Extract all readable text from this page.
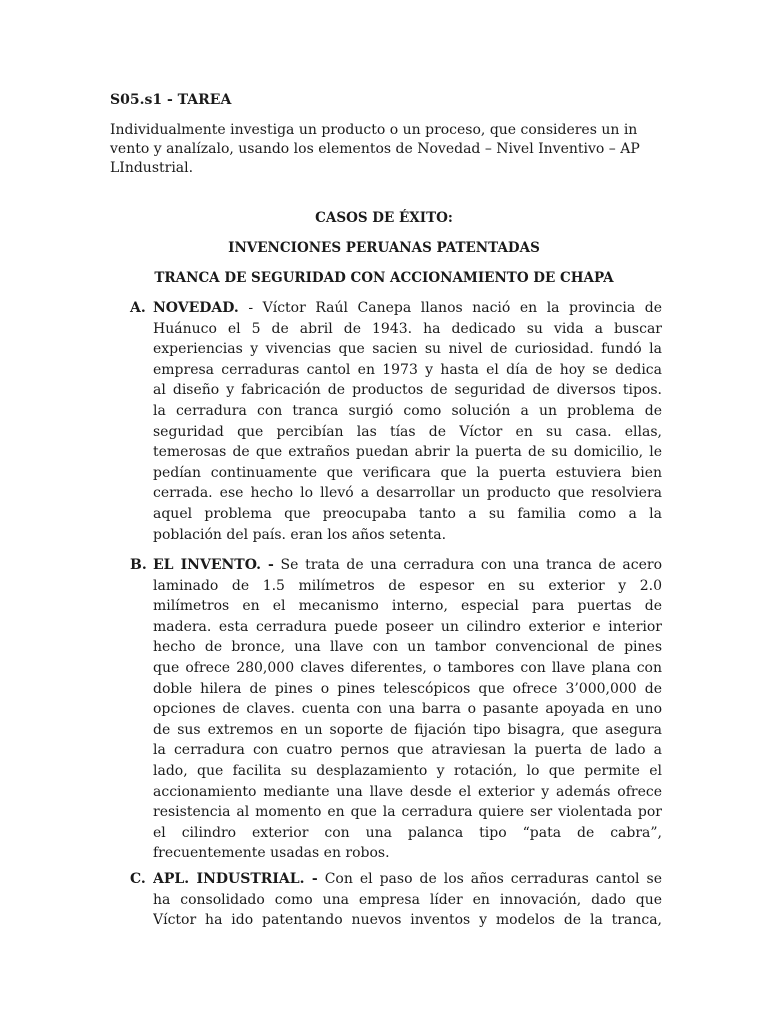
S05.s1 - TAREA

Individualmente investiga un producto o un proceso, que consideres un in
vento y analízalo, usando los elementos de Novedad – Nivel Inventivo – AP
LIndustrial.

CASOS DE ÉXITO:

INVENCIONES PERUANAS PATENTADAS

TRANCA DE SEGURIDAD CON ACCIONAMIENTO DE CHAPA

A. NOVEDAD. - Víctor Raúl Canepa llanos nació en la provincia de
Huánuco el 5 de abril de 1943. ha dedicado su vida a buscar
experiencias y vivencias que sacien su nivel de curiosidad. fundó la
empresa cerraduras cantol en 1973 y hasta el día de hoy se dedica
al diseño y fabricación de productos de seguridad de diversos tipos.
la cerradura con tranca surgió como solución a un problema de
seguridad que percibían las tías de Víctor en su casa. ellas,
temerosas de que extraños puedan abrir la puerta de su domicilio, le
pedían continuamente que verificara que la puerta estuviera bien
cerrada. ese hecho lo llevó a desarrollar un producto que resolviera
aquel problema que preocupaba tanto a su familia como a la
población del país. eran los años setenta.
B. EL INVENTO. - Se trata de una cerradura con una tranca de acero
laminado de 1.5 milímetros de espesor en su exterior y 2.0
milímetros en el mecanismo interno, especial para puertas de
madera. esta cerradura puede poseer un cilindro exterior e interior
hecho de bronce, una llave con un tambor convencional de pines
que ofrece 280,000 claves diferentes, o tambores con llave plana con
doble hilera de pines o pines telescópicos que ofrece 3’000,000 de
opciones de claves. cuenta con una barra o pasante apoyada en uno
de sus extremos en un soporte de fijación tipo bisagra, que asegura
la cerradura con cuatro pernos que atraviesan la puerta de lado a
lado, que facilita su desplazamiento y rotación, lo que permite el
accionamiento mediante una llave desde el exterior y además ofrece
resistencia al momento en que la cerradura quiere ser violentada por
el cilindro exterior con una palanca tipo “pata de cabra”,
frecuentemente usadas en robos.
C. APL. INDUSTRIAL. - Con el paso de los años cerraduras cantol se
ha consolidado como una empresa líder en innovación, dado que
Víctor ha ido patentando nuevos inventos y modelos de la tranca,
